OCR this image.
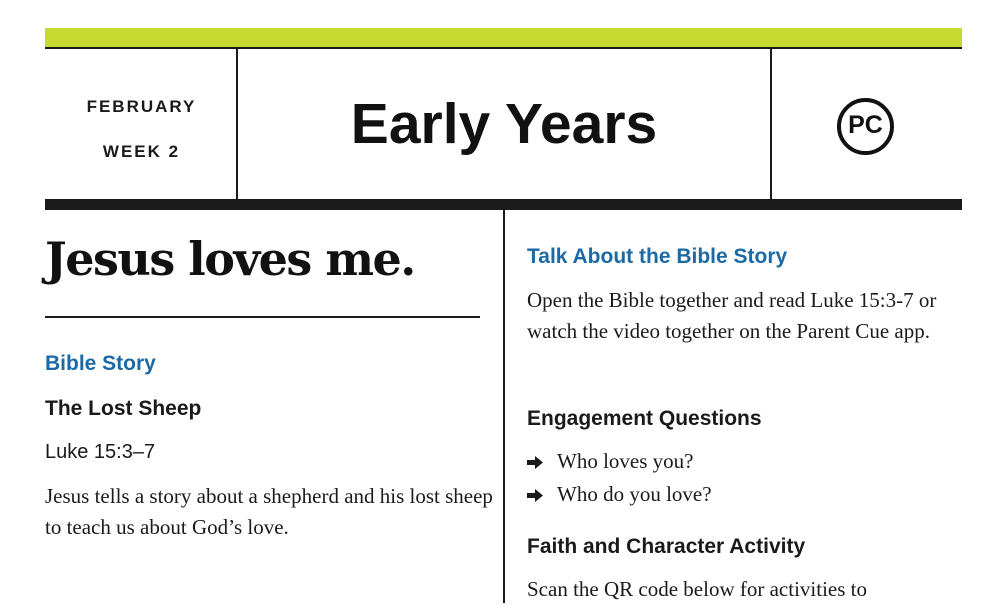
FEBRUARY
WEEK 2	Early Years	PC
Jesus loves me.
Bible Story
The Lost Sheep
Luke 15:3–7
Jesus tells a story about a shepherd and his lost sheep to teach us about God’s love.
Talk About the Bible Story
Open the Bible together and read Luke 15:3-7 or watch the video together on the Parent Cue app.
Engagement Questions
Who loves you?
Who do you love?
Faith and Character Activity
Scan the QR code below for activities to
